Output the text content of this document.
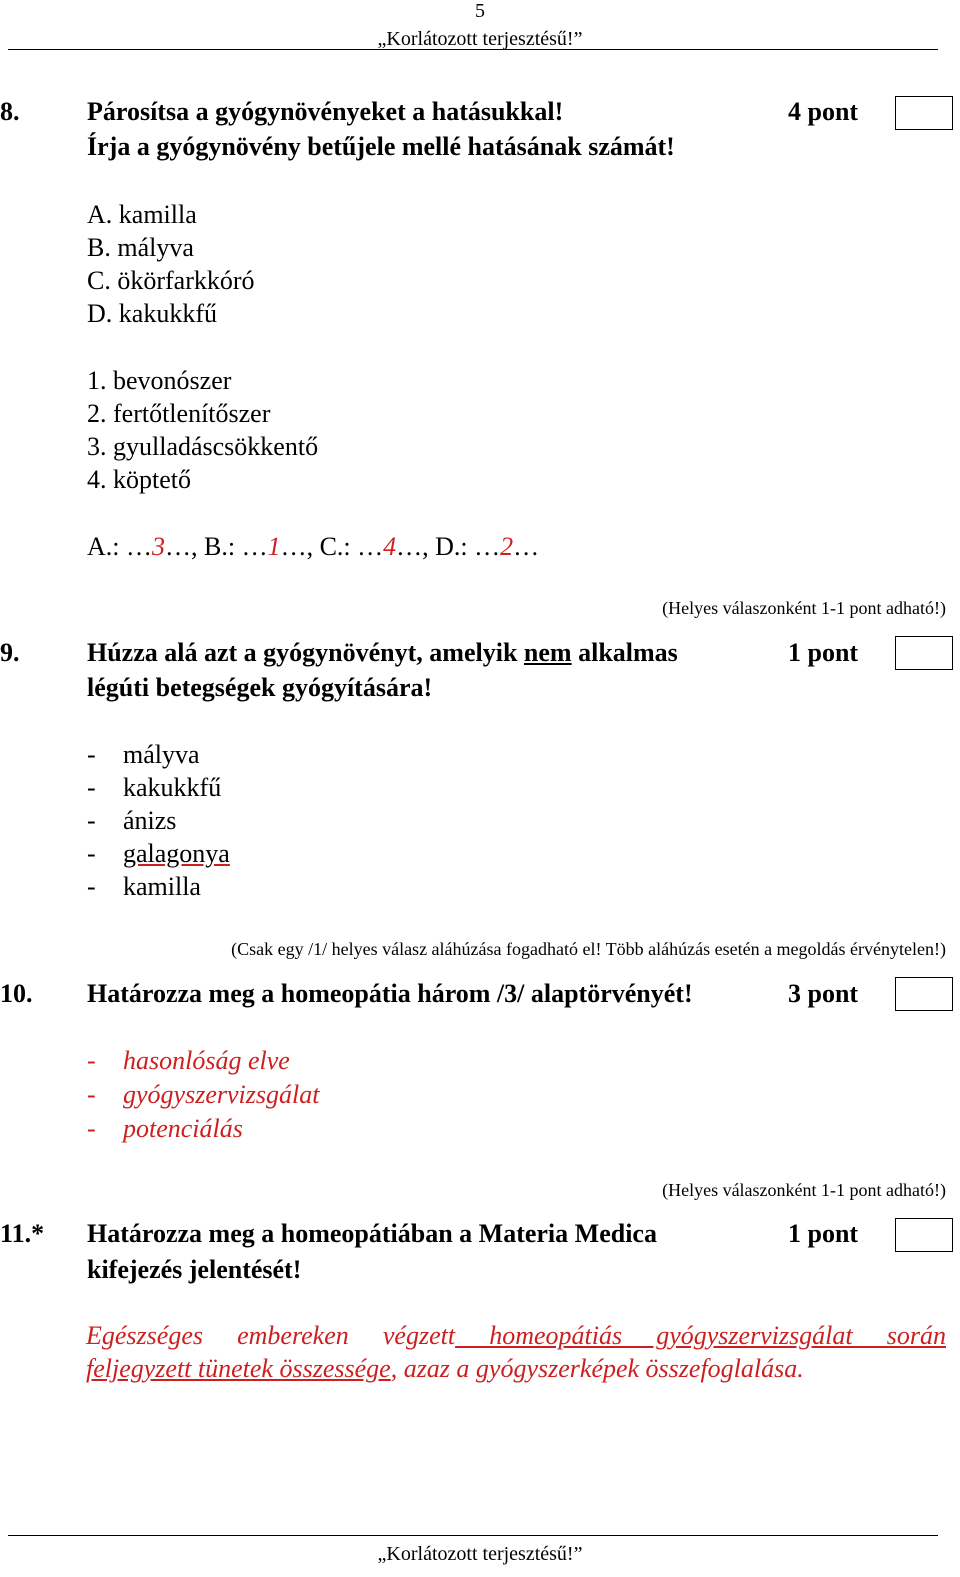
5
„Korlátozott terjesztésű!”
8.	Párosítsa a gyógynövényeket a hatásukkal!
Írja a gyógynövény betűjele mellé hatásának számát!
4 pont
A. kamilla
B. mályva
C. ökörfarkkóró
D. kakukkfű
1. bevonószer
2. fertőtlenítőszer
3. gyulladáscsökkentő
4. köptető
A.: …3…, B.: …1…, C.: …4…, D.: …2…
(Helyes válaszonként 1-1 pont adható!)
9.	Húzza alá azt a gyógynövényt, amelyik nem alkalmas
légúti betegségek gyógyítására!
1 pont
- mályva
- kakukkfű
- ánizs
- galagonya
- kamilla
(Csak egy /1/ helyes válasz aláhúzása fogadható el! Több aláhúzás esetén a megoldás érvénytelen!)
10. Határozza meg a homeopátia három /3/ alaptörvényét!	3 pont
- hasonlóság elve
- gyógyszervizsgálat
- potenciálás
(Helyes válaszonként 1-1 pont adható!)
11.* Határozza meg a homeopátiában a Materia Medica
kifejezés jelentését!
1 pont
Egészséges embereken végzett homeopátiás gyógyszervizsgálat során
feljegyzett tünetek összessége, azaz a gyógyszerképek összefoglalása.
„Korlátozott terjesztésű!”
